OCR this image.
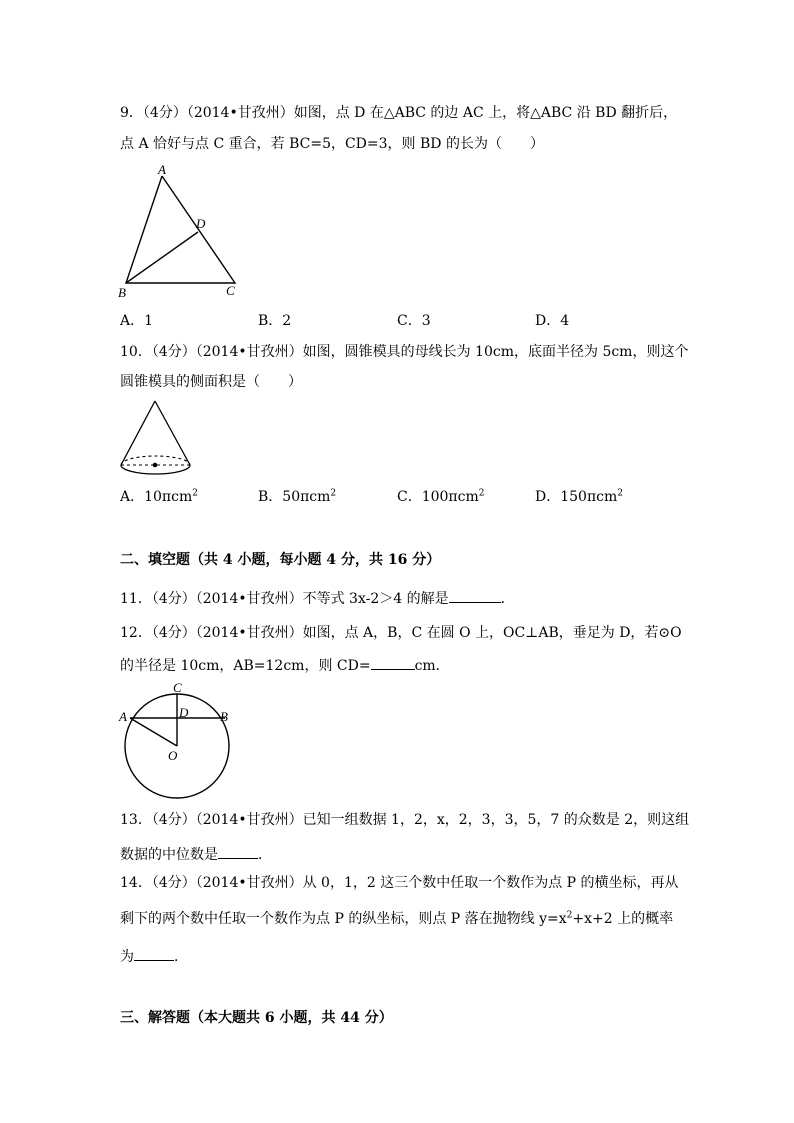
9．（4分）（2014•甘孜州）如图，点 D 在△ABC 的边 AC 上，将△ABC 沿 BD 翻折后，
点 A 恰好与点 C 重合，若 BC=5，CD=3，则 BD 的长为（　　）
A
D
B	C
A．1	B．2	C．3	D．4
10．（4分）（2014•甘孜州）如图，圆锥模具的母线长为 10cm，底面半径为 5cm，则这个
圆锥模具的侧面积是（　　）
A．10πcm$^2$	B．50πcm$^2$	C．100πcm$^2$	D．150πcm$^2$
二、填空题（共 4 小题，每小题 4 分，共 16 分）
11．（4分）（2014•甘孜州）不等式 3x-2＞4 的解是	．
12．（4分）（2014•甘孜州）如图，点 A，B，C 在圆 O 上，OC⊥AB，垂足为 D，若⊙O
的半径是 10cm，AB=12cm，则 CD=	cm．
C
A	D B
O
13．（4分）（2014•甘孜州）已知一组数据 1，2，x，2，3，3，5，7 的众数是 2，则这组
数据的中位数是	．
14．（4分）（2014•甘孜州）从 0，1，2 这三个数中任取一个数作为点 P 的横坐标，再从
剩下的两个数中任取一个数作为点 P 的纵坐标，则点 P 落在抛物线 $y=x^2+x+2$ 上的概率
为	．
三、解答题（本大题共 6 小题，共 44 分）
